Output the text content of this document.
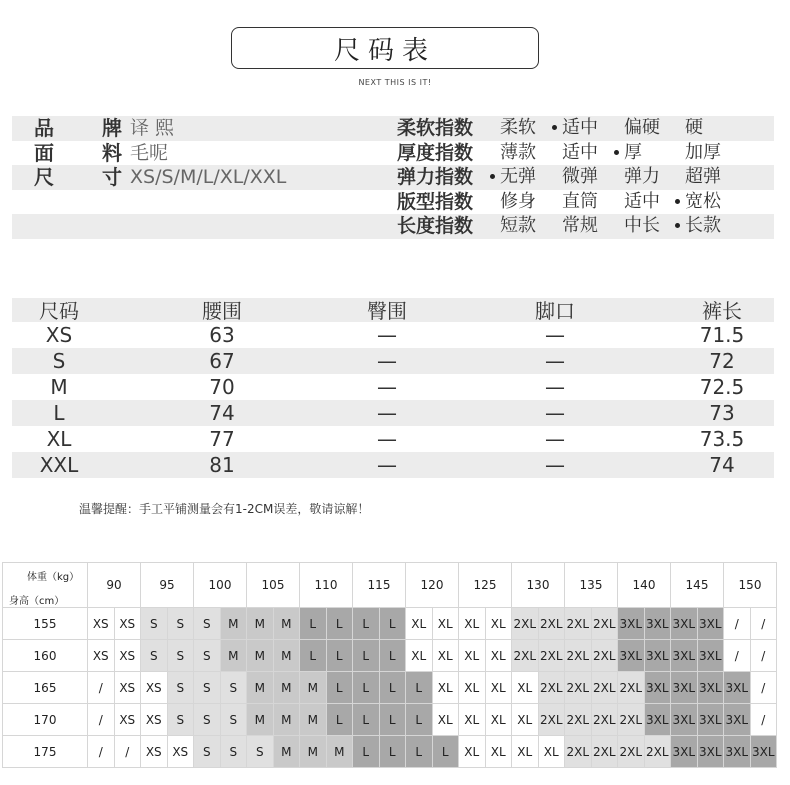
尺码表
NEXT THIS IS IT!
品 牌 译 熙	柔软指数 柔软 适中 偏硬 硬
面 料 毛呢	厚度指数 薄款 适中 厚 加厚
尺 寸 XS/S/M/L/XL/XXL	弹力指数 无弹 微弹 弹力 超弹
版型指数 修身 直筒 适中 宽松
长度指数 短款 常规 中长 长款
尺码	腰围	臀围	脚口	裤长
XS	63	—	—	71.5
S	67	—	—	72
M	70	—	—	72.5
L	74	—	—	73
XL	77	—	—	73.5
XXL	81	—	—	74
温馨提醒：手工平铺测量会有1-2CM误差，敬请谅解！
体重（kg）
身高（cm）	90		95		100		105		110		115		120		125		130		135		140		145		150	
155	XS	XS	S	S	S	M	M	M	L	L	L	L	XL	XL	XL	XL	2XL	2XL	2XL	2XL	3XL	3XL	3XL	3XL	/	/
160	XS	XS	S	S	S	M	M	M	L	L	L	L	XL	XL	XL	XL	2XL	2XL	2XL	2XL	3XL	3XL	3XL	3XL	/	/
165	/	XS	XS	S	S	S	M	M	M	L	L	L	L	XL	XL	XL	XL	2XL	2XL	2XL	2XL	3XL	3XL	3XL	3XL	/
170	/	XS	XS	S	S	S	M	M	M	L	L	L	L	XL	XL	XL	XL	2XL	2XL	2XL	2XL	3XL	3XL	3XL	3XL	/
175	/	/	XS	XS	S	S	S	M	M	M	L	L	L	L	XL	XL	XL	XL	2XL	2XL	2XL	2XL	3XL	3XL	3XL	3XL
